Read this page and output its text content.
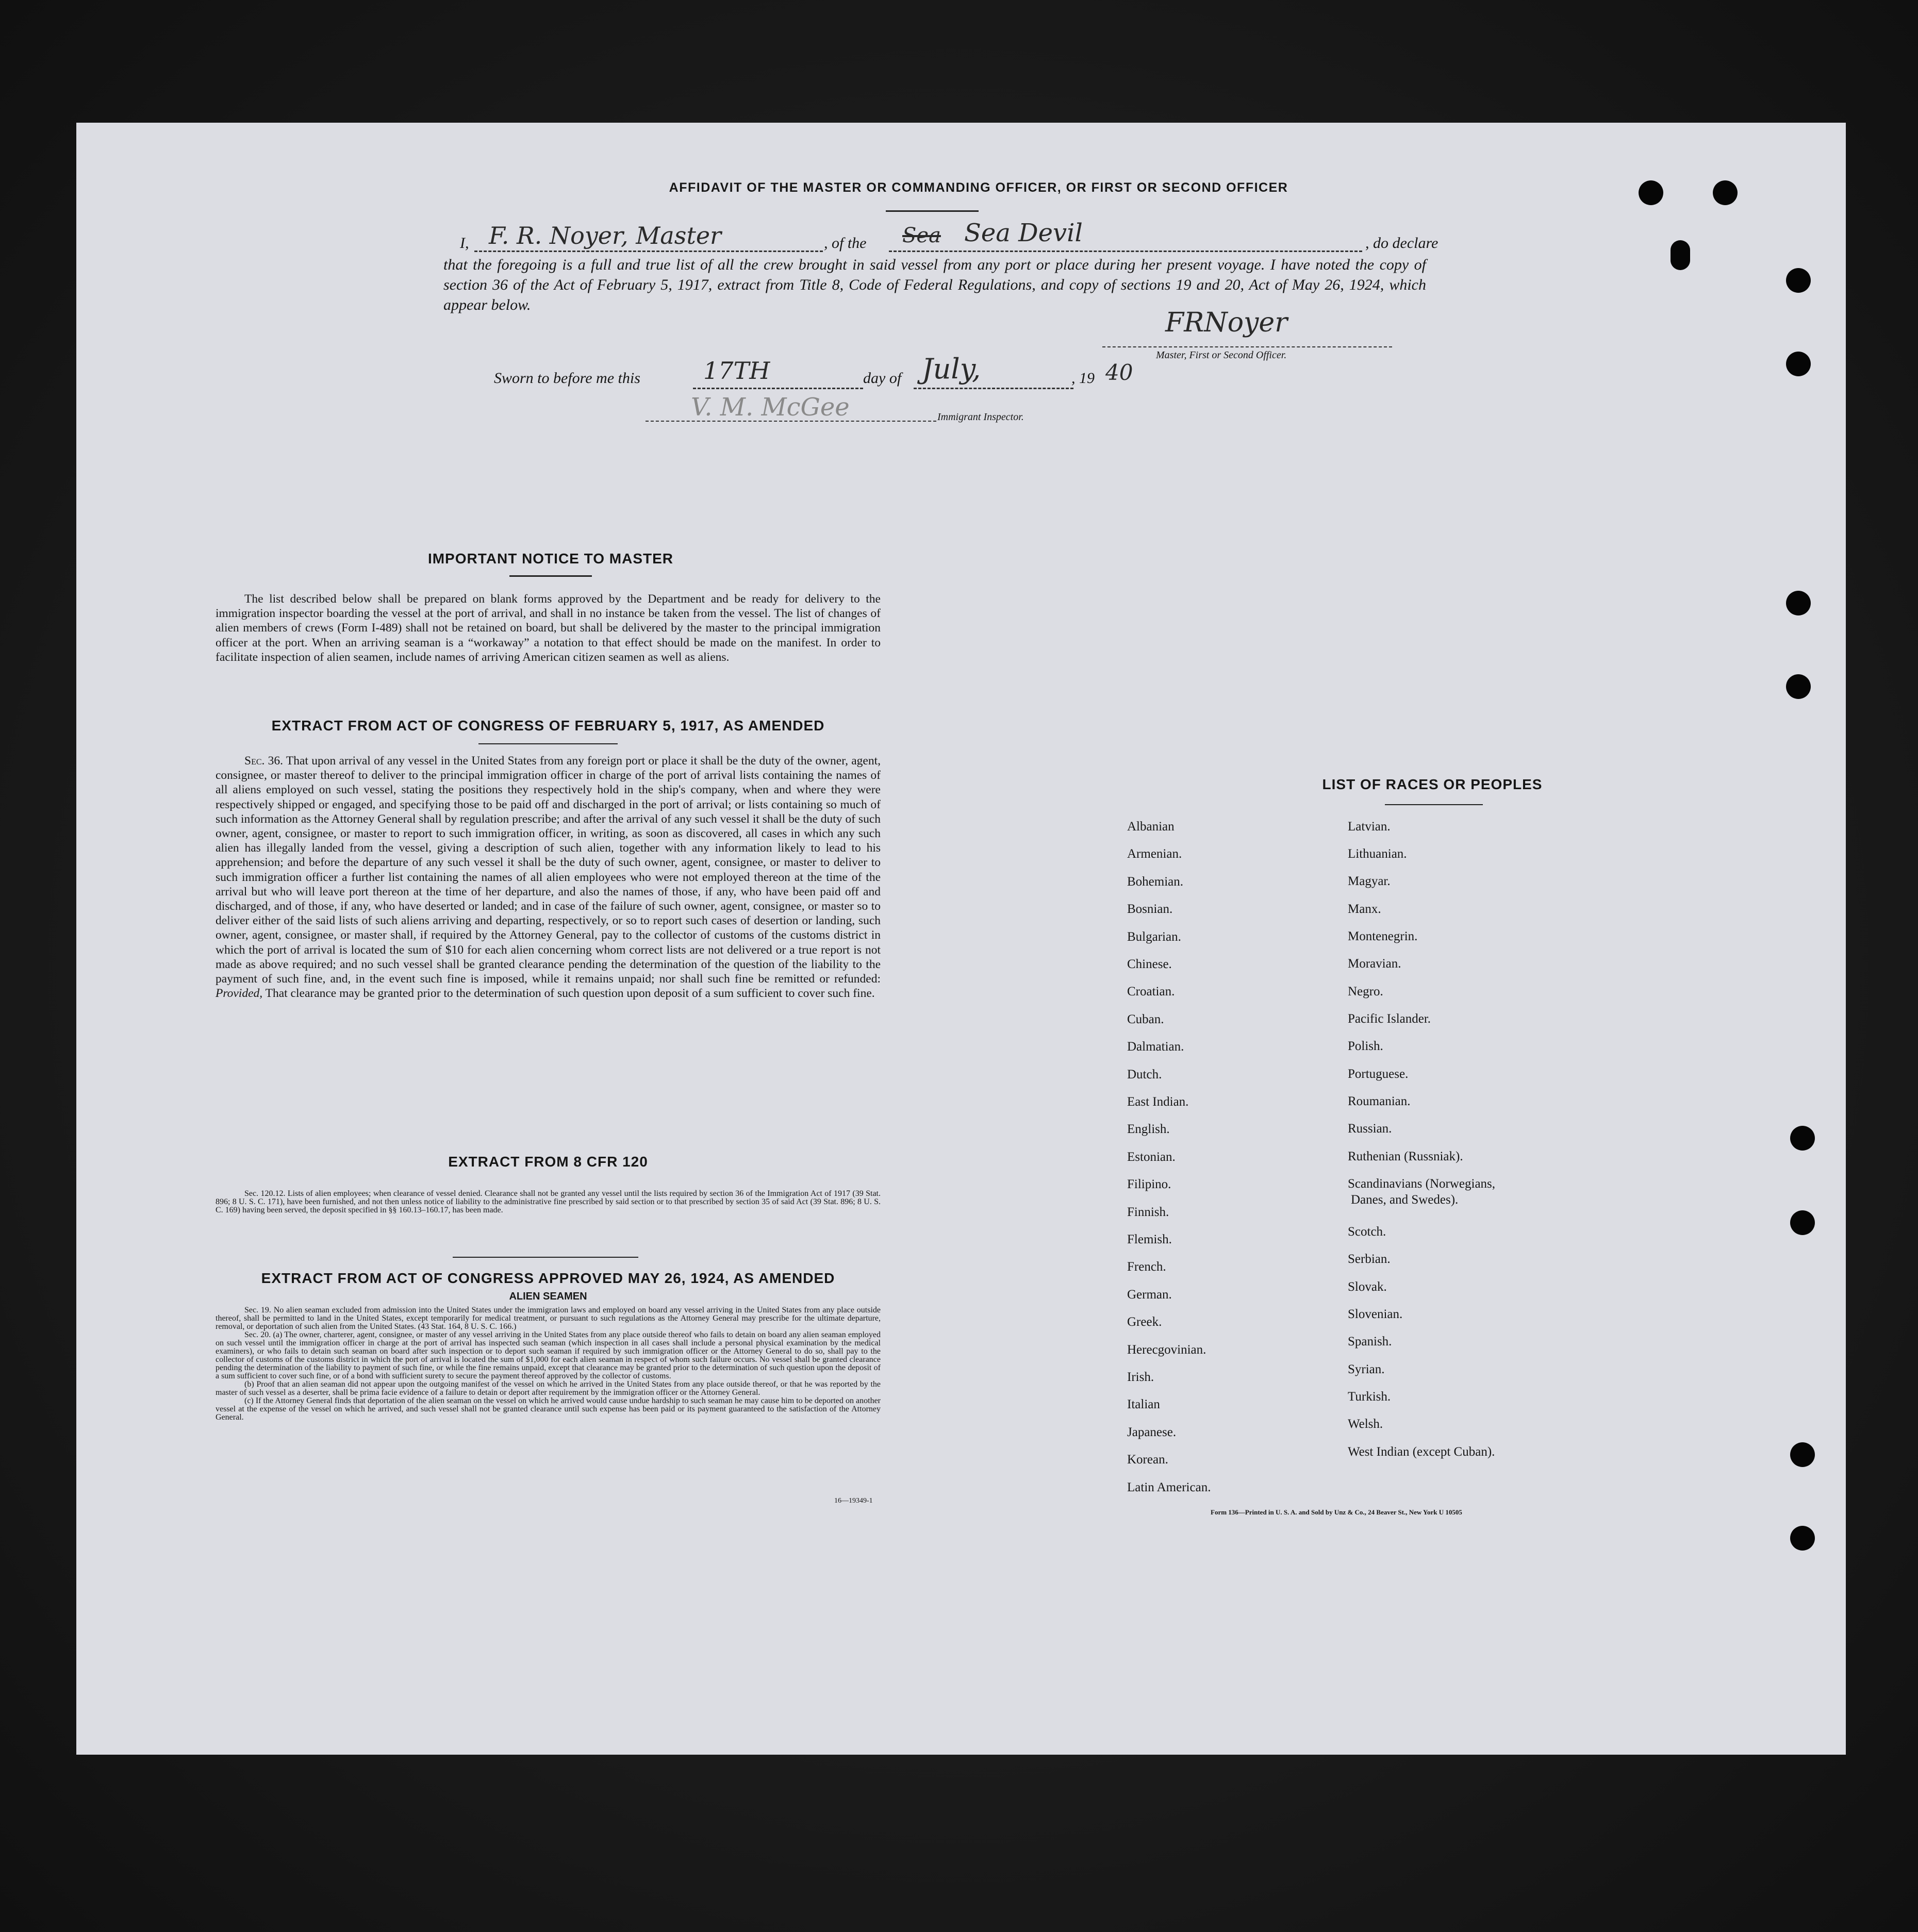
AFFIDAVIT OF THE MASTER OR COMMANDING OFFICER, OR FIRST OR SECOND OFFICER
I, F. R. Noyer, Master	, of the Sea Sea Devil	, do declare
that the foregoing is a full and true list of all the crew brought in said vessel from any port or place during her present voyage. I have noted the copy of section 36 of the Act of February 5, 1917, extract from Title 8, Code of Federal Regulations, and copy of sections 19 and 20, Act of May 26, 1924, which appear below.
FRNoyer
Master, First or Second Officer.
Sworn to before me this	17TH	day of July,	, 19 40
V. M. McGee	Immigrant Inspector.
IMPORTANT NOTICE TO MASTER
The list described below shall be prepared on blank forms approved by the Department and be ready for delivery to the immigration inspector boarding the vessel at the port of arrival, and shall in no instance be taken from the vessel. The list of changes of alien members of crews (Form I-489) shall not be retained on board, but shall be delivered by the master to the principal immigration officer at the port. When an arriving seaman is a “workaway” a notation to that effect should be made on the manifest. In order to facilitate inspection of alien seamen, include names of arriving American citizen seamen as well as aliens.
EXTRACT FROM ACT OF CONGRESS OF FEBRUARY 5, 1917, AS AMENDED
Sec. 36. That upon arrival of any vessel in the United States from any foreign port or place it shall be the duty of the owner, agent, consignee, or master thereof to deliver to the principal immigration officer in charge of the port of arrival lists containing the names of all aliens employed on such vessel, stating the positions they respectively hold in the ship's company, when and where they were respectively shipped or engaged, and specifying those to be paid off and discharged in the port of arrival; or lists containing so much of such information as the Attorney General shall by regulation prescribe; and after the arrival of any such vessel it shall be the duty of such owner, agent, consignee, or master to report to such immigration officer, in writing, as soon as discovered, all cases in which any such alien has illegally landed from the vessel, giving a description of such alien, together with any information likely to lead to his apprehension; and before the departure of any such vessel it shall be the duty of such owner, agent, consignee, or master to deliver to such immigration officer a further list containing the names of all alien employees who were not employed thereon at the time of the arrival but who will leave port thereon at the time of her departure, and also the names of those, if any, who have been paid off and discharged, and of those, if any, who have deserted or landed; and in case of the failure of such owner, agent, consignee, or master so to deliver either of the said lists of such aliens arriving and departing, respectively, or so to report such cases of desertion or landing, such owner, agent, consignee, or master shall, if required by the Attorney General, pay to the collector of customs of the customs district in which the port of arrival is located the sum of $10 for each alien concerning whom correct lists are not delivered or a true report is not made as above required; and no such vessel shall be granted clearance pending the determination of the question of the liability to the payment of such fine, and, in the event such fine is imposed, while it remains unpaid; nor shall such fine be remitted or refunded: Provided, That clearance may be granted prior to the determination of such question upon deposit of a sum sufficient to cover such fine.
EXTRACT FROM 8 CFR 120
Sec. 120.12. Lists of alien employees; when clearance of vessel denied. Clearance shall not be granted any vessel until the lists required by section 36 of the Immigration Act of 1917 (39 Stat. 896; 8 U. S. C. 171), have been furnished, and not then unless notice of liability to the administrative fine prescribed by said section or to that prescribed by section 35 of said Act (39 Stat. 896; 8 U. S. C. 169) having been served, the deposit specified in §§ 160.13–160.17, has been made.
EXTRACT FROM ACT OF CONGRESS APPROVED MAY 26, 1924, AS AMENDED
ALIEN SEAMEN
Sec. 19. No alien seaman excluded from admission into the United States under the immigration laws and employed on board any vessel arriving in the United States from any place outside thereof, shall be permitted to land in the United States, except temporarily for medical treatment, or pursuant to such regulations as the Attorney General may prescribe for the ultimate departure, removal, or deportation of such alien from the United States. (43 Stat. 164, 8 U. S. C. 166.)
Sec. 20. (a) The owner, charterer, agent, consignee, or master of any vessel arriving in the United States from any place outside thereof who fails to detain on board any alien seaman employed on such vessel until the immigration officer in charge at the port of arrival has inspected such seaman (which inspection in all cases shall include a personal physical examination by the medical examiners), or who fails to detain such seaman on board after such inspection or to deport such seaman if required by such immigration officer or the Attorney General to do so, shall pay to the collector of customs of the customs district in which the port of arrival is located the sum of $1,000 for each alien seaman in respect of whom such failure occurs. No vessel shall be granted clearance pending the determination of the liability to payment of such fine, or while the fine remains unpaid, except that clearance may be granted prior to the determination of such question upon the deposit of a sum sufficient to cover such fine, or of a bond with sufficient surety to secure the payment thereof approved by the collector of customs.
(b) Proof that an alien seaman did not appear upon the outgoing manifest of the vessel on which he arrived in the United States from any place outside thereof, or that he was reported by the master of such vessel as a deserter, shall be prima facie evidence of a failure to detain or deport after requirement by the immigration officer or the Attorney General.
(c) If the Attorney General finds that deportation of the alien seaman on the vessel on which he arrived would cause undue hardship to such seaman he may cause him to be deported on another vessel at the expense of the vessel on which he arrived, and such vessel shall not be granted clearance until such expense has been paid or its payment guaranteed to the satisfaction of the Attorney General.
16—19349-1
LIST OF RACES OR PEOPLES
Form 136—Printed in U. S. A. and Sold by Unz & Co., 24 Beaver St., New York U 10505
Albanian
Armenian.
Bohemian.
Bosnian.
Bulgarian.
Chinese.
Croatian.
Cuban.
Dalmatian.
Dutch.
East Indian.
English.
Estonian.
Filipino.
Finnish.
Flemish.
French.
German.
Greek.
Herecgovinian.
Irish.
Italian
Japanese.
Korean.
Latin American.
Latvian.
Lithuanian.
Magyar.
Manx.
Montenegrin.
Moravian.
Negro.
Pacific Islander.
Polish.
Portuguese.
Roumanian.
Russian.
Ruthenian (Russniak).
Scandinavians (Norwegians,
Danes, and Swedes).
Scotch.
Serbian.
Slovak.
Slovenian.
Spanish.
Syrian.
Turkish.
Welsh.
West Indian (except Cuban).
